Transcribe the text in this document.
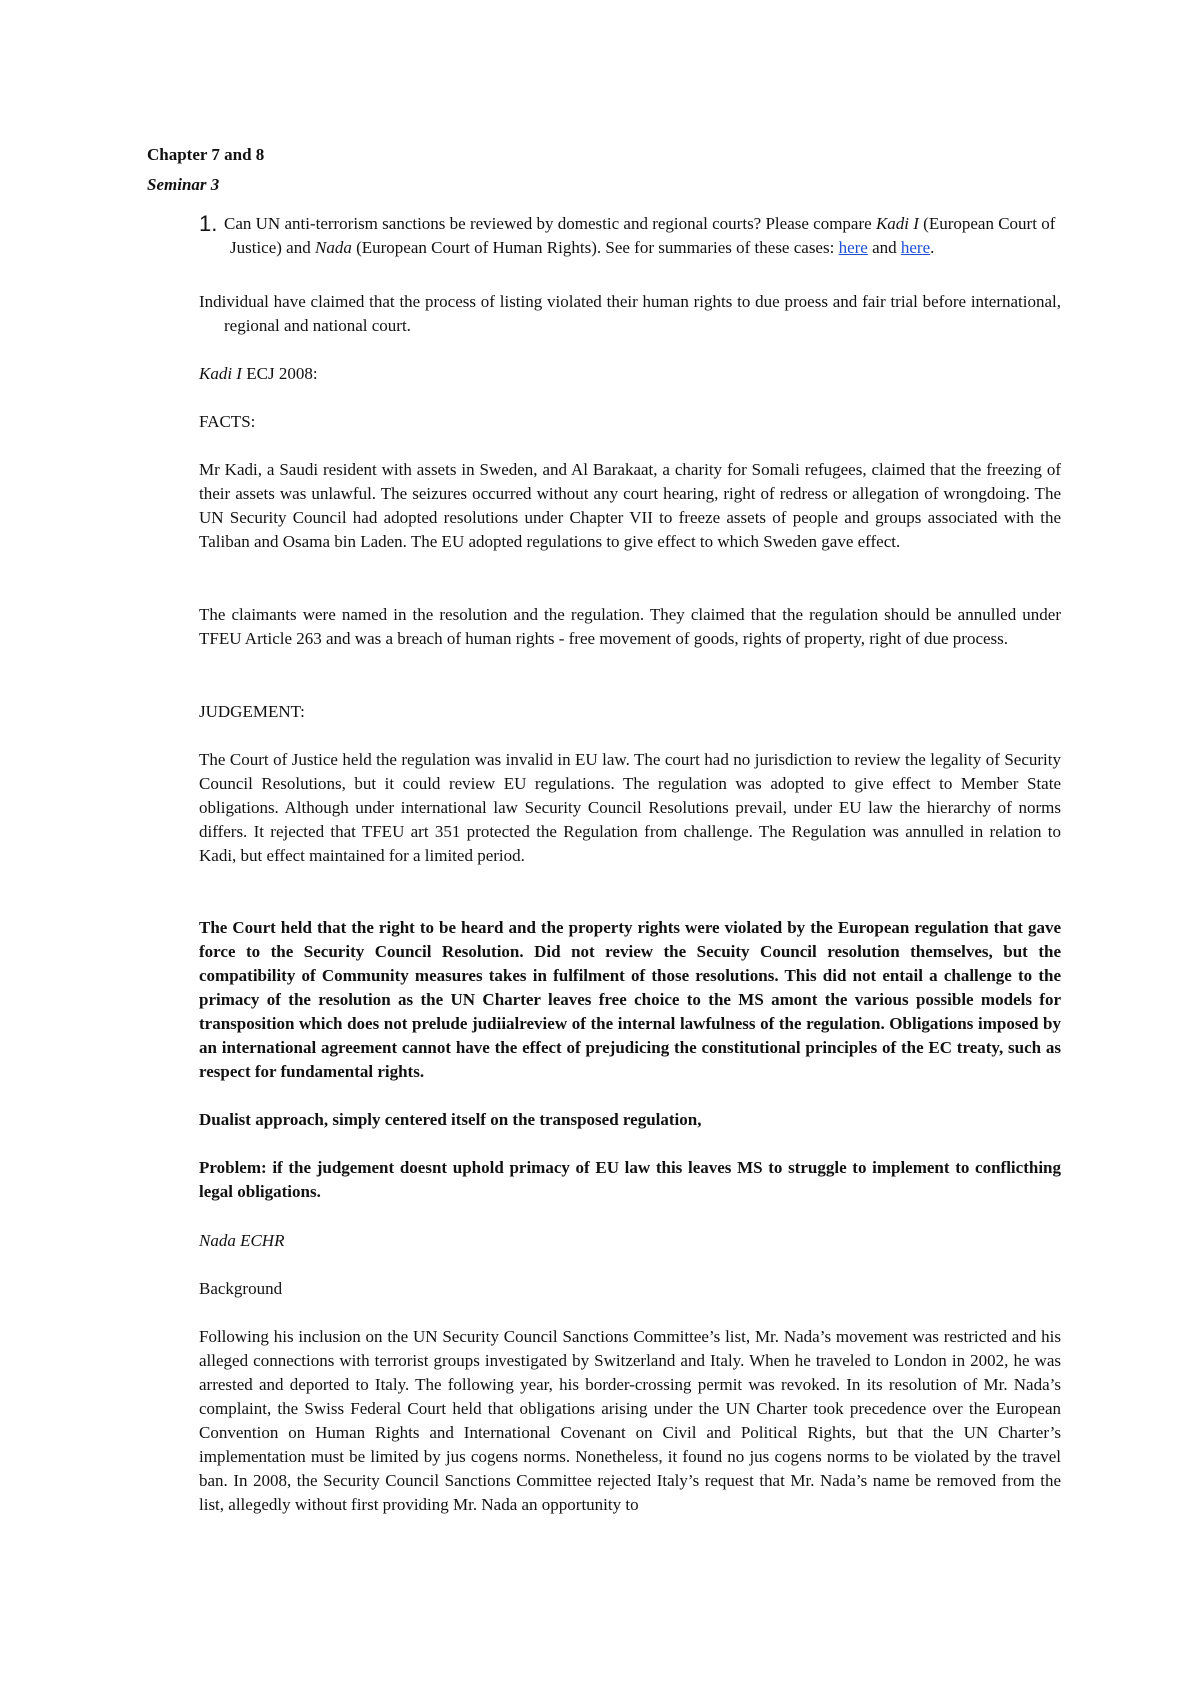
Chapter 7 and 8

Seminar 3

1. Can UN anti-terrorism sanctions be reviewed by domestic and regional courts? Please compare Kadi I (European Court of Justice) and Nada (European Court of Human Rights). See for summaries of these cases: here and here.

Individual have claimed that the process of listing violated their human rights to due proess and fair trial before international, regional and national court.

Kadi I ECJ 2008:

FACTS:

Mr Kadi, a Saudi resident with assets in Sweden, and Al Barakaat, a charity for Somali refugees, claimed that the freezing of their assets was unlawful. The seizures occurred without any court hearing, right of redress or allegation of wrongdoing. The UN Security Council had adopted resolutions under Chapter VII to freeze assets of people and groups associated with the Taliban and Osama bin Laden. The EU adopted regulations to give effect to which Sweden gave effect.

The claimants were named in the resolution and the regulation. They claimed that the regulation should be annulled under TFEU Article 263 and was a breach of human rights - free movement of goods, rights of property, right of due process.

JUDGEMENT:

The Court of Justice held the regulation was invalid in EU law. The court had no jurisdiction to review the legality of Security Council Resolutions, but it could review EU regulations. The regulation was adopted to give effect to Member State obligations. Although under international law Security Council Resolutions prevail, under EU law the hierarchy of norms differs. It rejected that TFEU art 351 protected the Regulation from challenge. The Regulation was annulled in relation to Kadi, but effect maintained for a limited period.

The Court held that the right to be heard and the property rights were violated by the European regulation that gave force to the Security Council Resolution. Did not review the Secuity Council resolution themselves, but the compatibility of Community measures takes in fulfilment of those resolutions. This did not entail a challenge to the primacy of the resolution as the UN Charter leaves free choice to the MS amont the various possible models for transposition which does not prelude judiialreview of the internal lawfulness of the regulation. Obligations imposed by an international agreement cannot have the effect of prejudicing the constitutional principles of the EC treaty, such as respect for fundamental rights.

Dualist approach, simply centered itself on the transposed regulation,

Problem: if the judgement doesnt uphold primacy of EU law this leaves MS to struggle to implement to conflicthing legal obligations.

Nada ECHR

Background

Following his inclusion on the UN Security Council Sanctions Committee’s list, Mr. Nada’s movement was restricted and his alleged connections with terrorist groups investigated by Switzerland and Italy. When he traveled to London in 2002, he was arrested and deported to Italy. The following year, his border-crossing permit was revoked. In its resolution of Mr. Nada’s complaint, the Swiss Federal Court held that obligations arising under the UN Charter took precedence over the European Convention on Human Rights and International Covenant on Civil and Political Rights, but that the UN Charter’s implementation must be limited by jus cogens norms. Nonetheless, it found no jus cogens norms to be violated by the travel ban. In 2008, the Security Council Sanctions Committee rejected Italy’s request that Mr. Nada’s name be removed from the list, allegedly without first providing Mr. Nada an opportunity to
